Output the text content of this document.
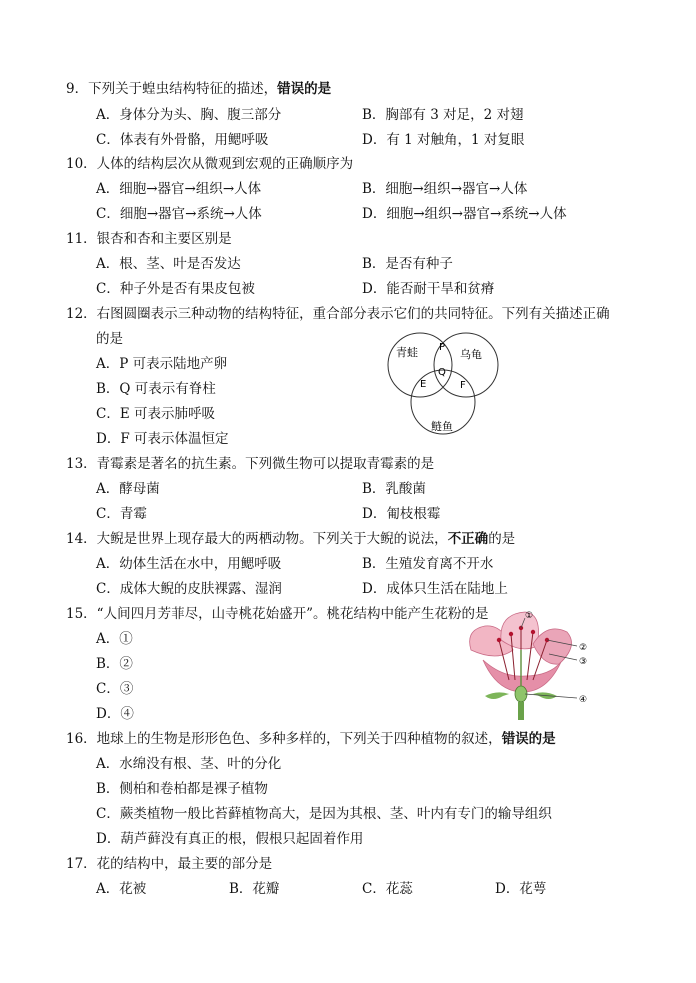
9．下列关于蝗虫结构特征的描述，错误的是
A．身体分为头、胸、腹三部分	B．胸部有 3 对足，2 对翅
C．体表有外骨骼，用鳃呼吸	D．有 1 对触角，1 对复眼
10．人体的结构层次从微观到宏观的正确顺序为
A．细胞→器官→组织→人体	B．细胞→组织→器官→人体
C．细胞→器官→系统→人体	D．细胞→组织→器官→系统→人体
11．银杏和杏和主要区别是
A．根、茎、叶是否发达	B．是否有种子
C．种子外是否有果皮包被	D．能否耐干旱和贫瘠
12．右图圆圈表示三种动物的结构特征，重合部分表示它们的共同特征。下列有关描述正确
的是
A．P 可表示陆地产卵
B．Q 可表示有脊柱
C．E 可表示肺呼吸
D．F 可表示体温恒定
青蛙	乌龟
鲢鱼
P
Q
E	F
13．青霉素是著名的抗生素。下列微生物可以提取青霉素的是
A．酵母菌	B．乳酸菌
C．青霉	D．匍枝根霉
14．大鲵是世界上现存最大的两栖动物。下列关于大鲵的说法，不正确的是
A．幼体生活在水中，用鳃呼吸	B．生殖发育离不开水
C．成体大鲵的皮肤裸露、湿润	D．成体只生活在陆地上
15．“人间四月芳菲尽，山寺桃花始盛开”。桃花结构中能产生花粉的是
A．①
B．②
C．③
D．④
①
②
③
④
16．地球上的生物是形形色色、多种多样的，下列关于四种植物的叙述，错误的是
A．水绵没有根、茎、叶的分化
B．侧柏和卷柏都是裸子植物
C．蕨类植物一般比苔藓植物高大，是因为其根、茎、叶内有专门的输导组织
D．葫芦藓没有真正的根，假根只起固着作用
17．花的结构中，最主要的部分是
A．花被	B．花瓣	C．花蕊	D．花萼
